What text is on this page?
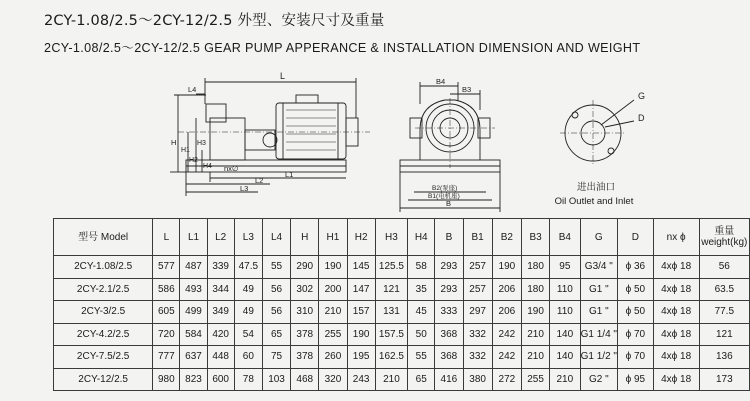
2CY-1.08/2.5～2CY-12/2.5 外型、安装尺寸及重量
2CY-1.08/2.5～2CY-12/2.5 GEAR PUMP APPERANCE & INSTALLATION DIMENSION AND WEIGHT
L
L4
L1
L2
L3
nx∅
H
H1
H2
H3
H4
B4
B3
B2(泵座)
B1(电机座)
B
G
D
进出油口
Oil Outlet and Inlet
型号 Model	L	L1	L2	L3	L4	H	H1	H2	H3	H4	B	B1	B2	B3	B4	G	D	nx ϕ	重量 weight(kg)
2CY-1.08/2.5	577	487	339	47.5	55	290	190	145	125.5	58	293	257	190	180	95	G3/4 "	ϕ 36	4xϕ 18	56
2CY-2.1/2.5	586	493	344	49	56	302	200	147	121	35	293	257	206	180	110	G1 "	ϕ 50	4xϕ 18	63.5
2CY-3/2.5	605	499	349	49	56	310	210	157	131	45	333	297	206	190	110	G1 "	ϕ 50	4xϕ 18	77.5
2CY-4.2/2.5	720	584	420	54	65	378	255	190	157.5	50	368	332	242	210	140	G1 1/4 "	ϕ 70	4xϕ 18	121
2CY-7.5/2.5	777	637	448	60	75	378	260	195	162.5	55	368	332	242	210	140	G1 1/2 "	ϕ 70	4xϕ 18	136
2CY-12/2.5	980	823	600	78	103	468	320	243	210	65	416	380	272	255	210	G2 "	ϕ 95	4xϕ 18	173
